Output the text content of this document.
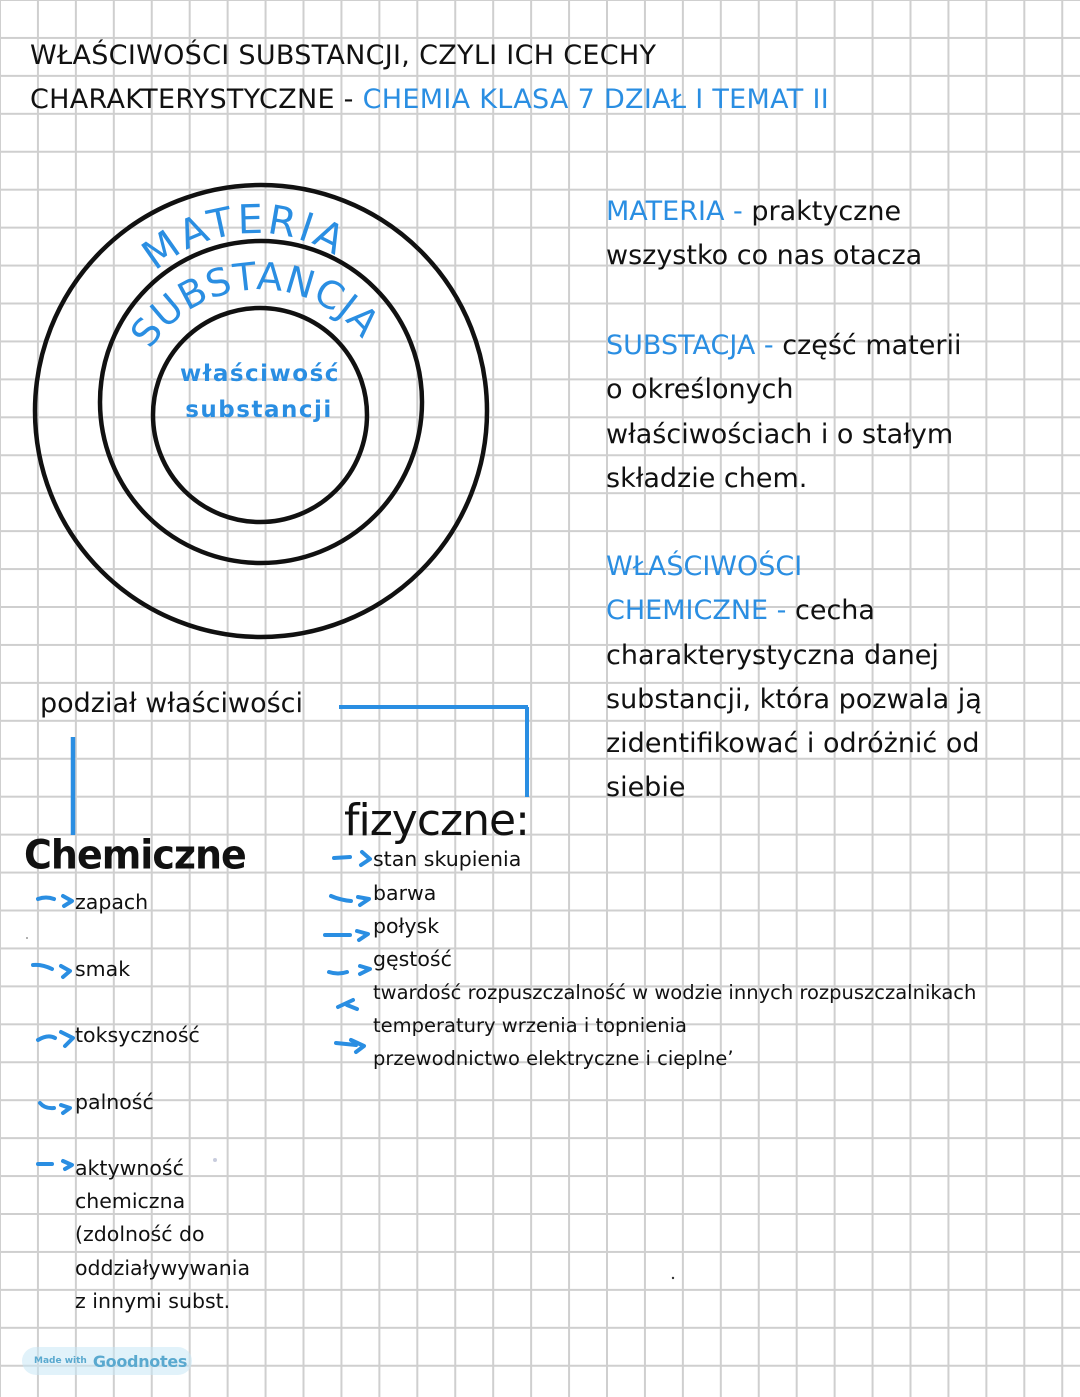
WŁAŚCIWOŚCI SUBSTANCJI, CZYLI ICH CECHY
CHARAKTERYSTYCZNE - CHEMIA KLASA 7 DZIAŁ I TEMAT II
MATERIA
SUBSTANCJA
właściwość
substancji
MATERIA - praktyczne
wszystko co nas otacza
SUBSTACJA - część materii
o określonych
właściwościach i o stałym
składzie chem.
WŁAŚCIWOŚCI
CHEMICZNE - cecha
charakterystyczna danej
substancji, która pozwala ją
zidentifikować i odróżnić od
siebie
podział właściwości
Chemiczne
fizyczne:
zapach
smak
toksyczność
palność
aktywność
chemiczna
(zdolność do
oddziaływywania
z innymi subst.
stan skupienia
barwa
połysk
gęstość
twardość rozpuszczalność w wodzie innych rozpuszczalnikach
temperatury wrzenia i topnienia
przewodnictwo elektryczne i cieplne’
Made with Goodnotes
